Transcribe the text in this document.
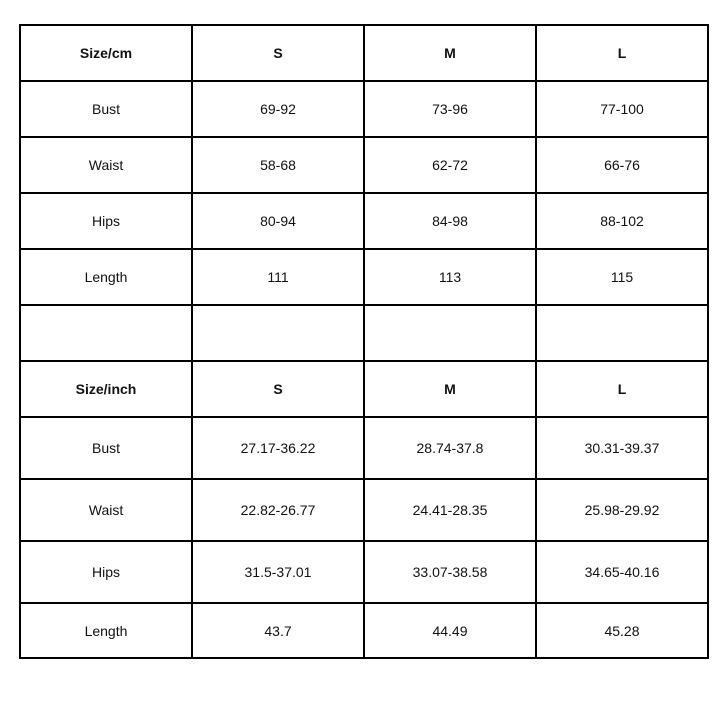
Size/cm	S	M	L
Bust	69-92	73-96	77-100
Waist	58-68	62-72	66-76
Hips	80-94	84-98	88-102
Length	111	113	115

Size/inch	S	M	L
Bust	27.17-36.22	28.74-37.8	30.31-39.37
Waist	22.82-26.77	24.41-28.35	25.98-29.92
Hips	31.5-37.01	33.07-38.58	34.65-40.16
Length	43.7	44.49	45.28
